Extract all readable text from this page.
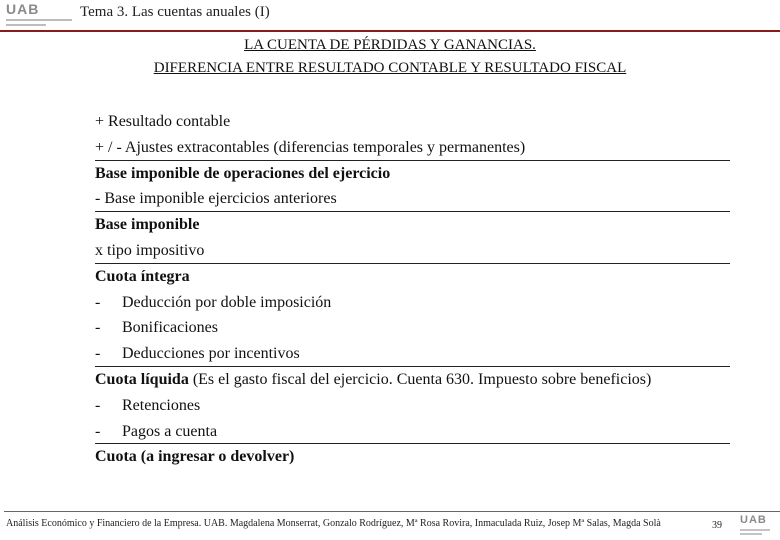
UAB	Tema 3. Las cuentas anuales (I)
LA CUENTA DE PÉRDIDAS Y GANANCIAS.
DIFERENCIA ENTRE RESULTADO CONTABLE Y RESULTADO FISCAL
+ Resultado contable
+ / - Ajustes extracontables (diferencias temporales y permanentes)
Base imponible de operaciones del ejercicio
- Base imponible ejercicios anteriores
Base imponible
x tipo impositivo
Cuota íntegra
- Deducción por doble imposición
- Bonificaciones
- Deducciones por incentivos
Cuota líquida (Es el gasto fiscal del ejercicio. Cuenta 630. Impuesto sobre beneficios)
- Retenciones
- Pagos a cuenta
Cuota (a ingresar o devolver)
Análisis Económico y Financiero de la Empresa. UAB. Magdalena Monserrat, Gonzalo Rodríguez, Mª Rosa Rovira, Inmaculada Ruiz, Josep Mª Salas, Magda Solà	39 UAB
